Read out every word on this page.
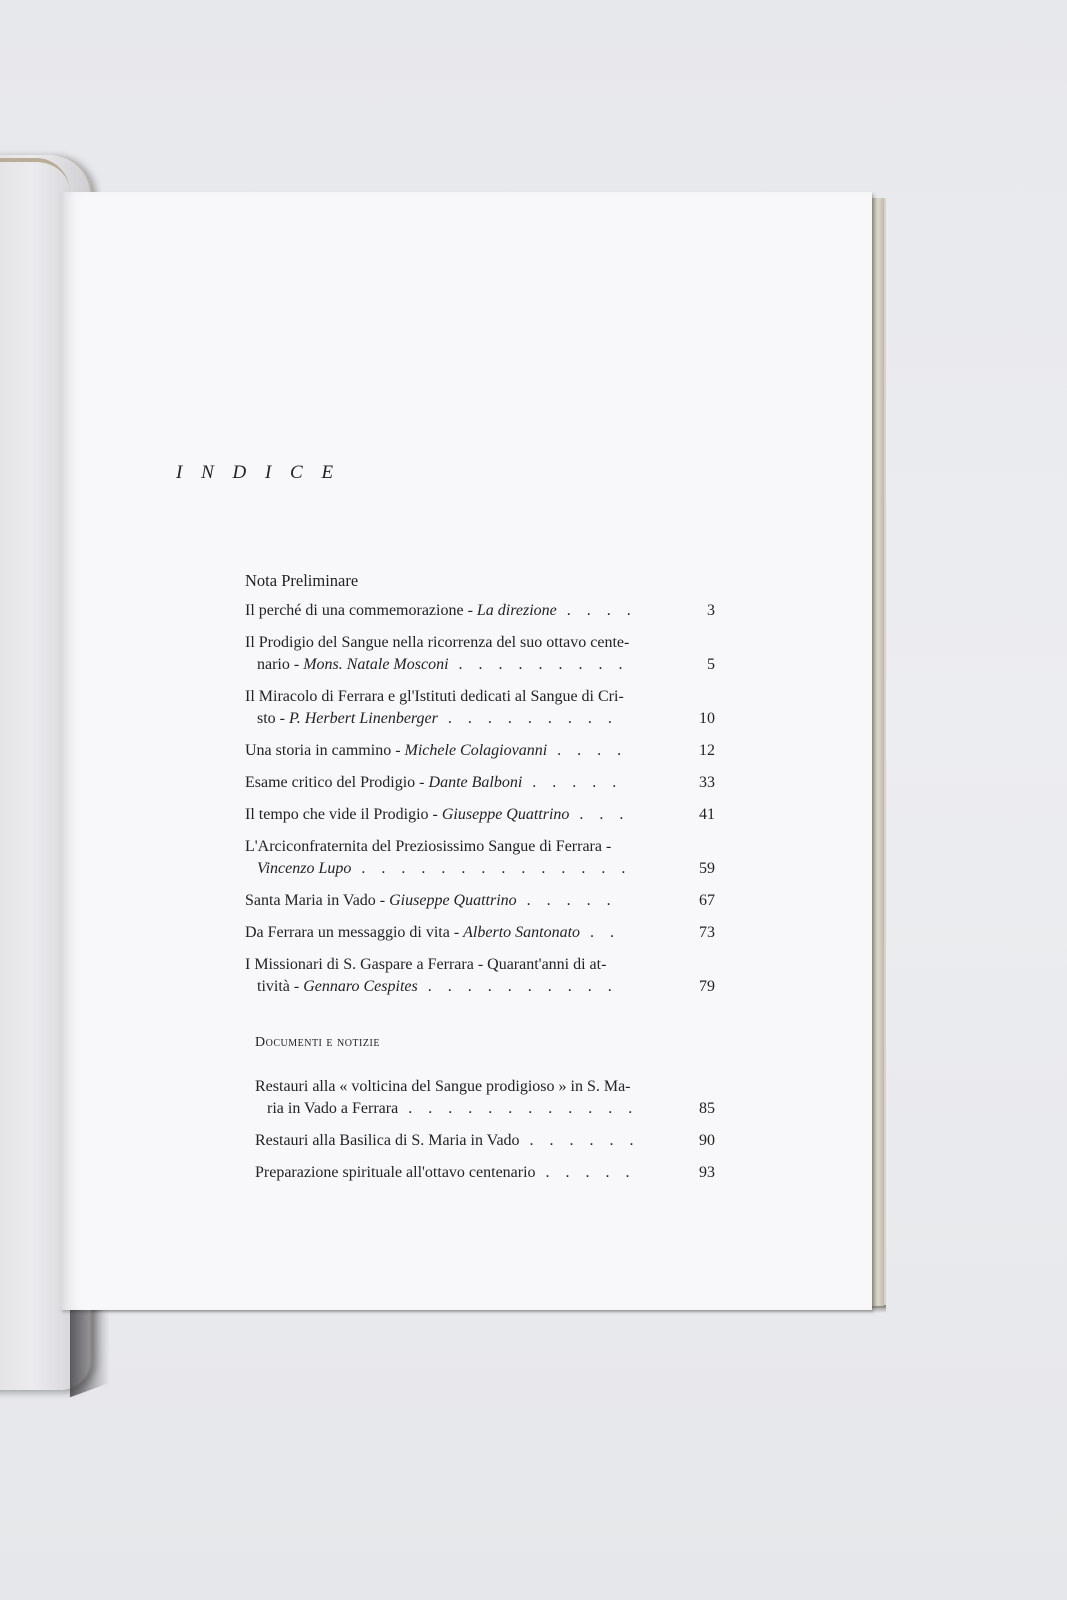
I N D I C E
Nota Preliminare
Il perché di una commemorazione - La direzione . . . .	3
Il Prodigio del Sangue nella ricorrenza del suo ottavo cente-
nario - Mons. Natale Mosconi . . . . . . . . .	5
Il Miracolo di Ferrara e gl'Istituti dedicati al Sangue di Cri-
sto - P. Herbert Linenberger . . . . . . . . .	10
Una storia in cammino - Michele Colagiovanni . . . .	12
Esame critico del Prodigio - Dante Balboni . . . . .	33
Il tempo che vide il Prodigio - Giuseppe Quattrino . . .	41
L'Arciconfraternita del Preziosissimo Sangue di Ferrara -
Vincenzo Lupo . . . . . . . . . . . . . .	59
Santa Maria in Vado - Giuseppe Quattrino . . . . .	67
Da Ferrara un messaggio di vita - Alberto Santonato . .	73
I Missionari di S. Gaspare a Ferrara - Quarant'anni di at-
tività - Gennaro Cespites . . . . . . . . . .	79
Documenti e notizie
Restauri alla « volticina del Sangue prodigioso » in S. Ma-
ria in Vado a Ferrara . . . . . . . . . . . .	85
Restauri alla Basilica di S. Maria in Vado . . . . . .	90
Preparazione spirituale all'ottavo centenario . . . . .	93
